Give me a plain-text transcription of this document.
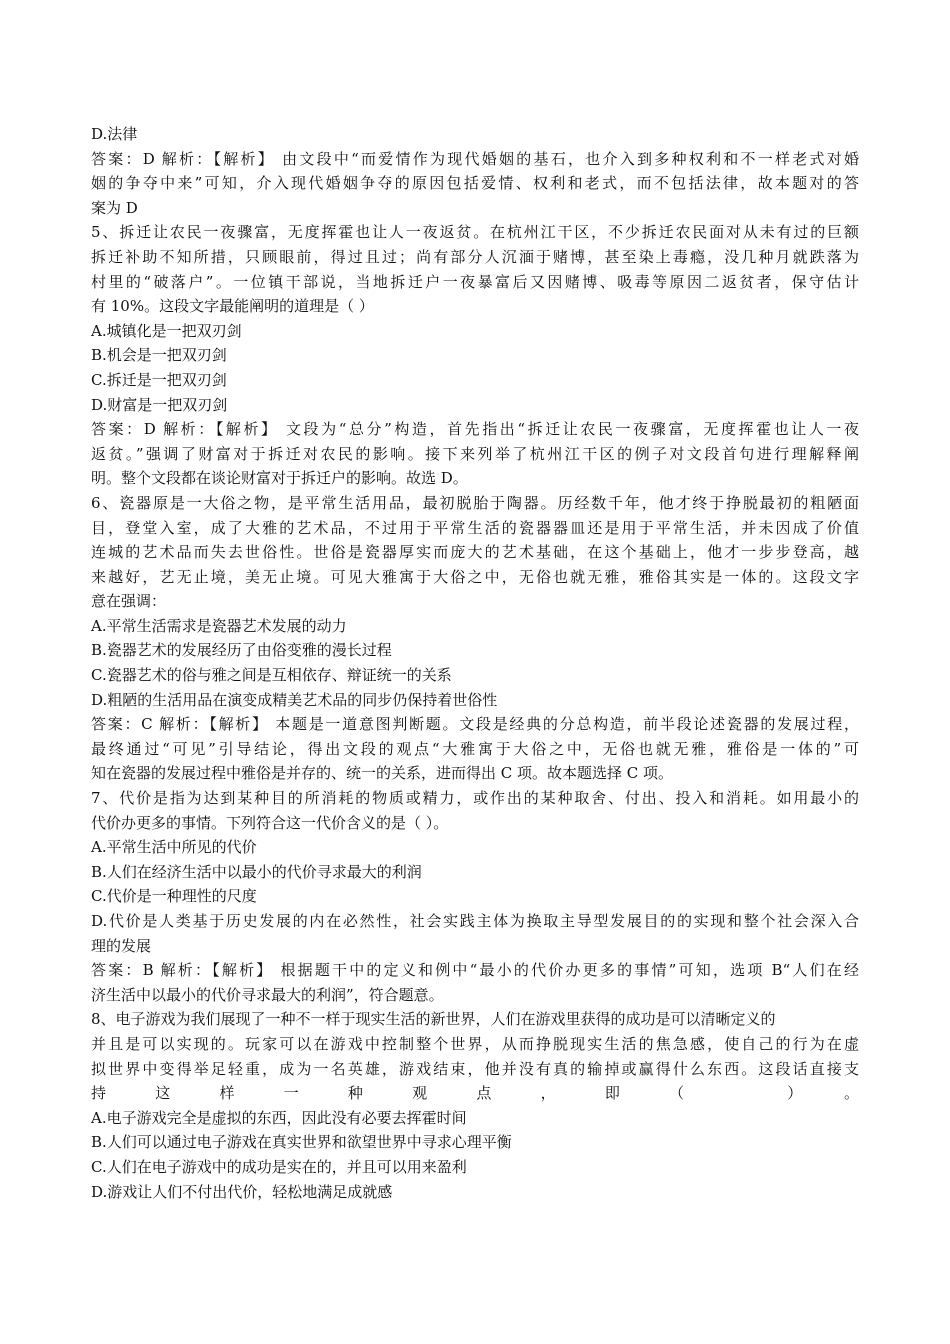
D.法律
答案：D 解析：【解析】 由文段中“而爱情作为现代婚姻的基石，也介入到多种权利和不一样老式对婚
姻的争夺中来”可知，介入现代婚姻争夺的原因包括爱情、权利和老式，而不包括法律，故本题对的答
案为 D
5、拆迁让农民一夜骤富，无度挥霍也让人一夜返贫。在杭州江干区，不少拆迁农民面对从未有过的巨额
拆迁补助不知所措，只顾眼前，得过且过；尚有部分人沉湎于赌博，甚至染上毒瘾，没几种月就跌落为
村里的“破落户”。一位镇干部说，当地拆迁户一夜暴富后又因赌博、吸毒等原因二返贫者，保守估计
有 10%。这段文字最能阐明的道理是（ ）
A.城镇化是一把双刃剑
B.机会是一把双刃剑
C.拆迁是一把双刃剑
D.财富是一把双刃剑
答案：D 解析：【解析】 文段为“总分”构造，首先指出“拆迁让农民一夜骤富，无度挥霍也让人一夜
返贫。”强调了财富对于拆迁对农民的影响。接下来列举了杭州江干区的例子对文段首句进行理解释阐
明。整个文段都在谈论财富对于拆迁户的影响。故选 D。
6、瓷器原是一大俗之物，是平常生活用品，最初脱胎于陶器。历经数千年，他才终于挣脱最初的粗陋面
目，登堂入室，成了大雅的艺术品，不过用于平常生活的瓷器器皿还是用于平常生活，并未因成了价值
连城的艺术品而失去世俗性。世俗是瓷器厚实而庞大的艺术基础，在这个基础上，他才一步步登高，越
来越好，艺无止境，美无止境。可见大雅寓于大俗之中，无俗也就无雅，雅俗其实是一体的。这段文字
意在强调：
A.平常生活需求是瓷器艺术发展的动力
B.瓷器艺术的发展经历了由俗变雅的漫长过程
C.瓷器艺术的俗与雅之间是互相依存、辩证统一的关系
D.粗陋的生活用品在演变成精美艺术品的同步仍保持着世俗性
答案：C 解析：【解析】 本题是一道意图判断题。文段是经典的分总构造，前半段论述瓷器的发展过程，
最终通过“可见”引导结论，得出文段的观点“大雅寓于大俗之中，无俗也就无雅，雅俗是一体的”可
知在瓷器的发展过程中雅俗是并存的、统一的关系，进而得出 C 项。故本题选择 C 项。
7、代价是指为达到某种目的所消耗的物质或精力，或作出的某种取舍、付出、投入和消耗。如用最小的
代价办更多的事情。下列符合这一代价含义的是（ ）。
A.平常生活中所见的代价
B.人们在经济生活中以最小的代价寻求最大的利润
C.代价是一种理性的尺度
D.代价是人类基于历史发展的内在必然性，社会实践主体为换取主导型发展目的的实现和整个社会深入合
理的发展
答案：B 解析：【解析】 根据题干中的定义和例中“最小的代价办更多的事情”可知，选项 B“人们在经
济生活中以最小的代价寻求最大的利润”，符合题意。
8、电子游戏为我们展现了一种不一样于现实生活的新世界，人们在游戏里获得的成功是可以清晰定义的
并且是可以实现的。玩家可以在游戏中控制整个世界，从而挣脱现实生活的焦急感，使自己的行为在虚
拟世界中变得举足轻重，成为一名英雄，游戏结束，他并没有真的输掉或赢得什么东西。这段话直接支
持这样一种观点，即（ ）。
A.电子游戏完全是虚拟的东西，因此没有必要去挥霍时间
B.人们可以通过电子游戏在真实世界和欲望世界中寻求心理平衡
C.人们在电子游戏中的成功是实在的，并且可以用来盈利
D.游戏让人们不付出代价，轻松地满足成就感
